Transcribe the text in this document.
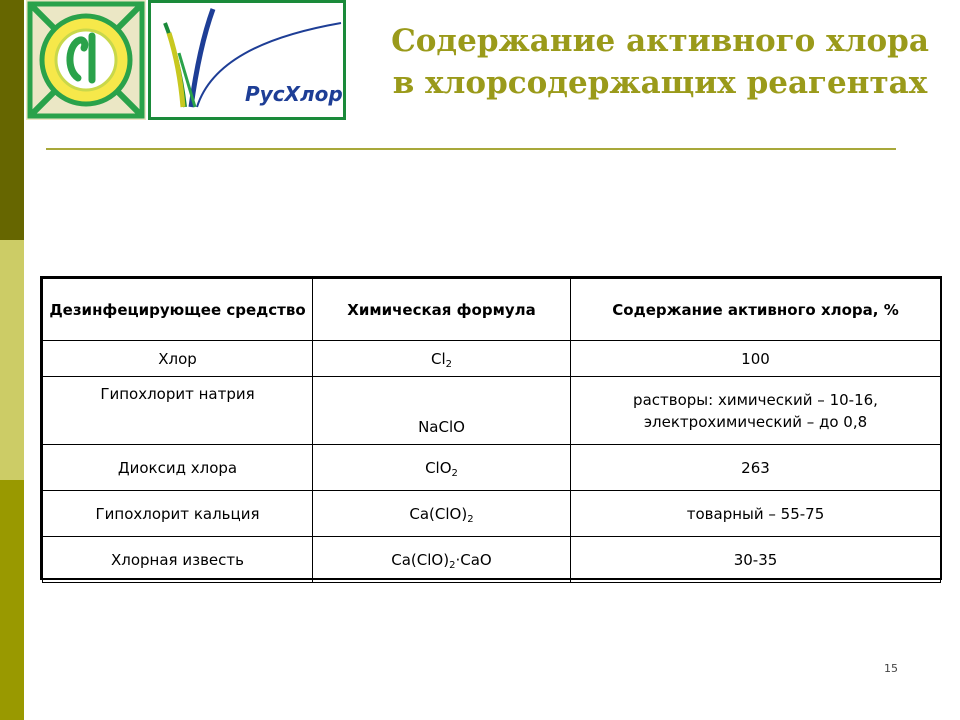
РусХлор
Содержание активного хлора
в хлорсодержащих реагентах
Дезинфецирующее средство	Химическая формула	Содержание активного хлора, %
Хлор	$Cl_2$	100
Гипохлорит натрия	NaClO	растворы: химический – 10-16, электрохимический – до 0,8
Диоксид хлора	ClO$_2$	263
Гипохлорит кальция	$Ca(ClO)_2$	товарный – 55-75
Хлорная известь	$Ca(ClO)_2\cdot CaO$	30-35
15
